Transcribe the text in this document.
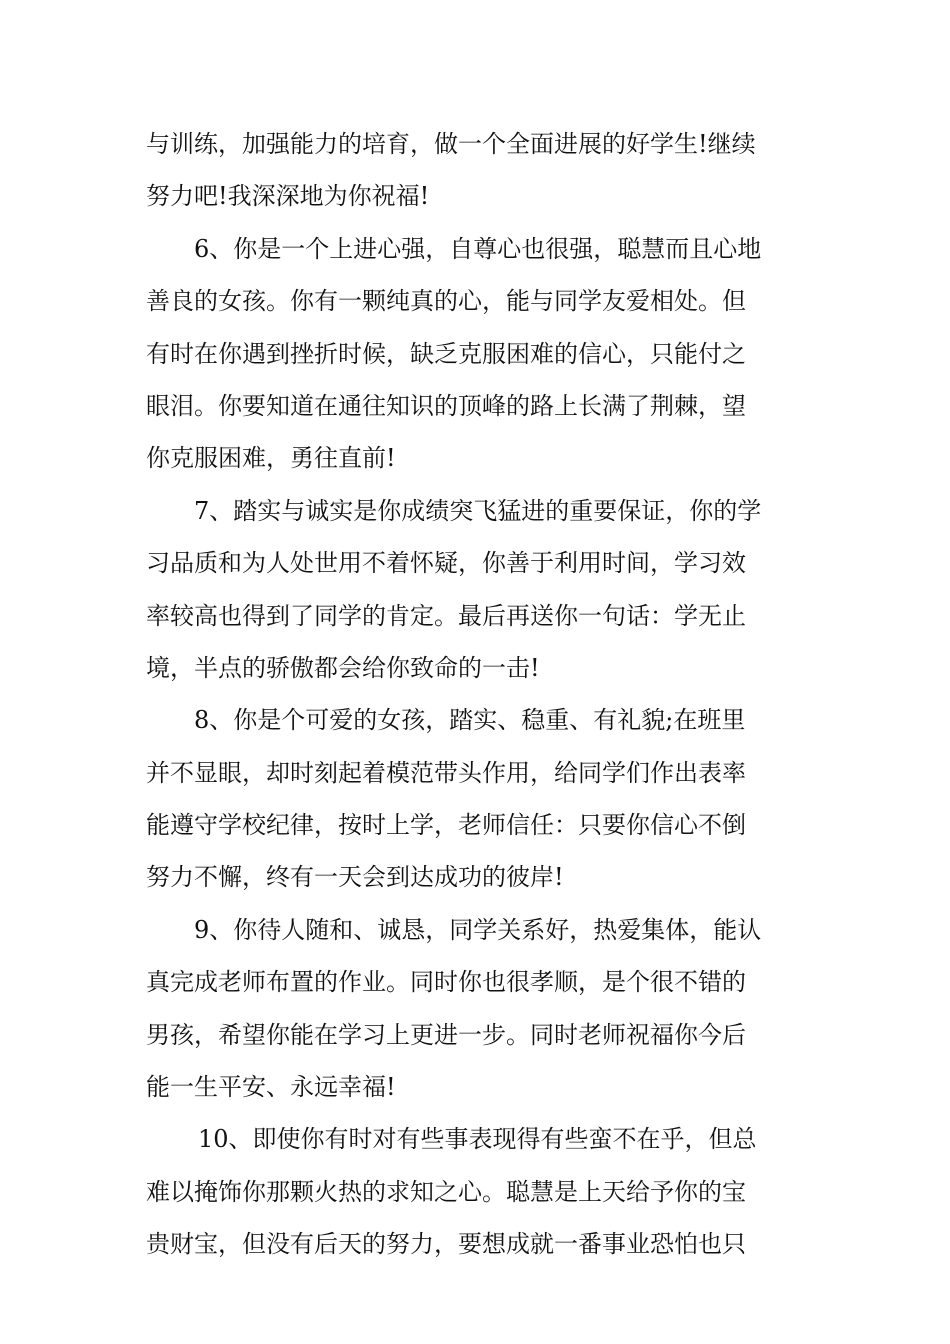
与训练，加强能力的培育，做一个全面进展的好学生!继续
努力吧!我深深地为你祝福!
6、你是一个上进心强，自尊心也很强，聪慧而且心地
善良的女孩。你有一颗纯真的心，能与同学友爱相处。但
有时在你遇到挫折时候，缺乏克服困难的信心，只能付之
眼泪。你要知道在通往知识的顶峰的路上长满了荆棘，望
你克服困难，勇往直前!
7、踏实与诚实是你成绩突飞猛进的重要保证，你的学
习品质和为人处世用不着怀疑，你善于利用时间，学习效
率较高也得到了同学的肯定。最后再送你一句话：学无止
境，半点的骄傲都会给你致命的一击!
8、你是个可爱的女孩，踏实、稳重、有礼貌;在班里
并不显眼，却时刻起着模范带头作用，给同学们作出表率
能遵守学校纪律，按时上学，老师信任：只要你信心不倒
努力不懈，终有一天会到达成功的彼岸!
9、你待人随和、诚恳，同学关系好，热爱集体，能认
真完成老师布置的作业。同时你也很孝顺，是个很不错的
男孩，希望你能在学习上更进一步。同时老师祝福你今后
能一生平安、永远幸福!
10、即使你有时对有些事表现得有些蛮不在乎，但总
难以掩饰你那颗火热的求知之心。聪慧是上天给予你的宝
贵财宝，但没有后天的努力，要想成就一番事业恐怕也只
